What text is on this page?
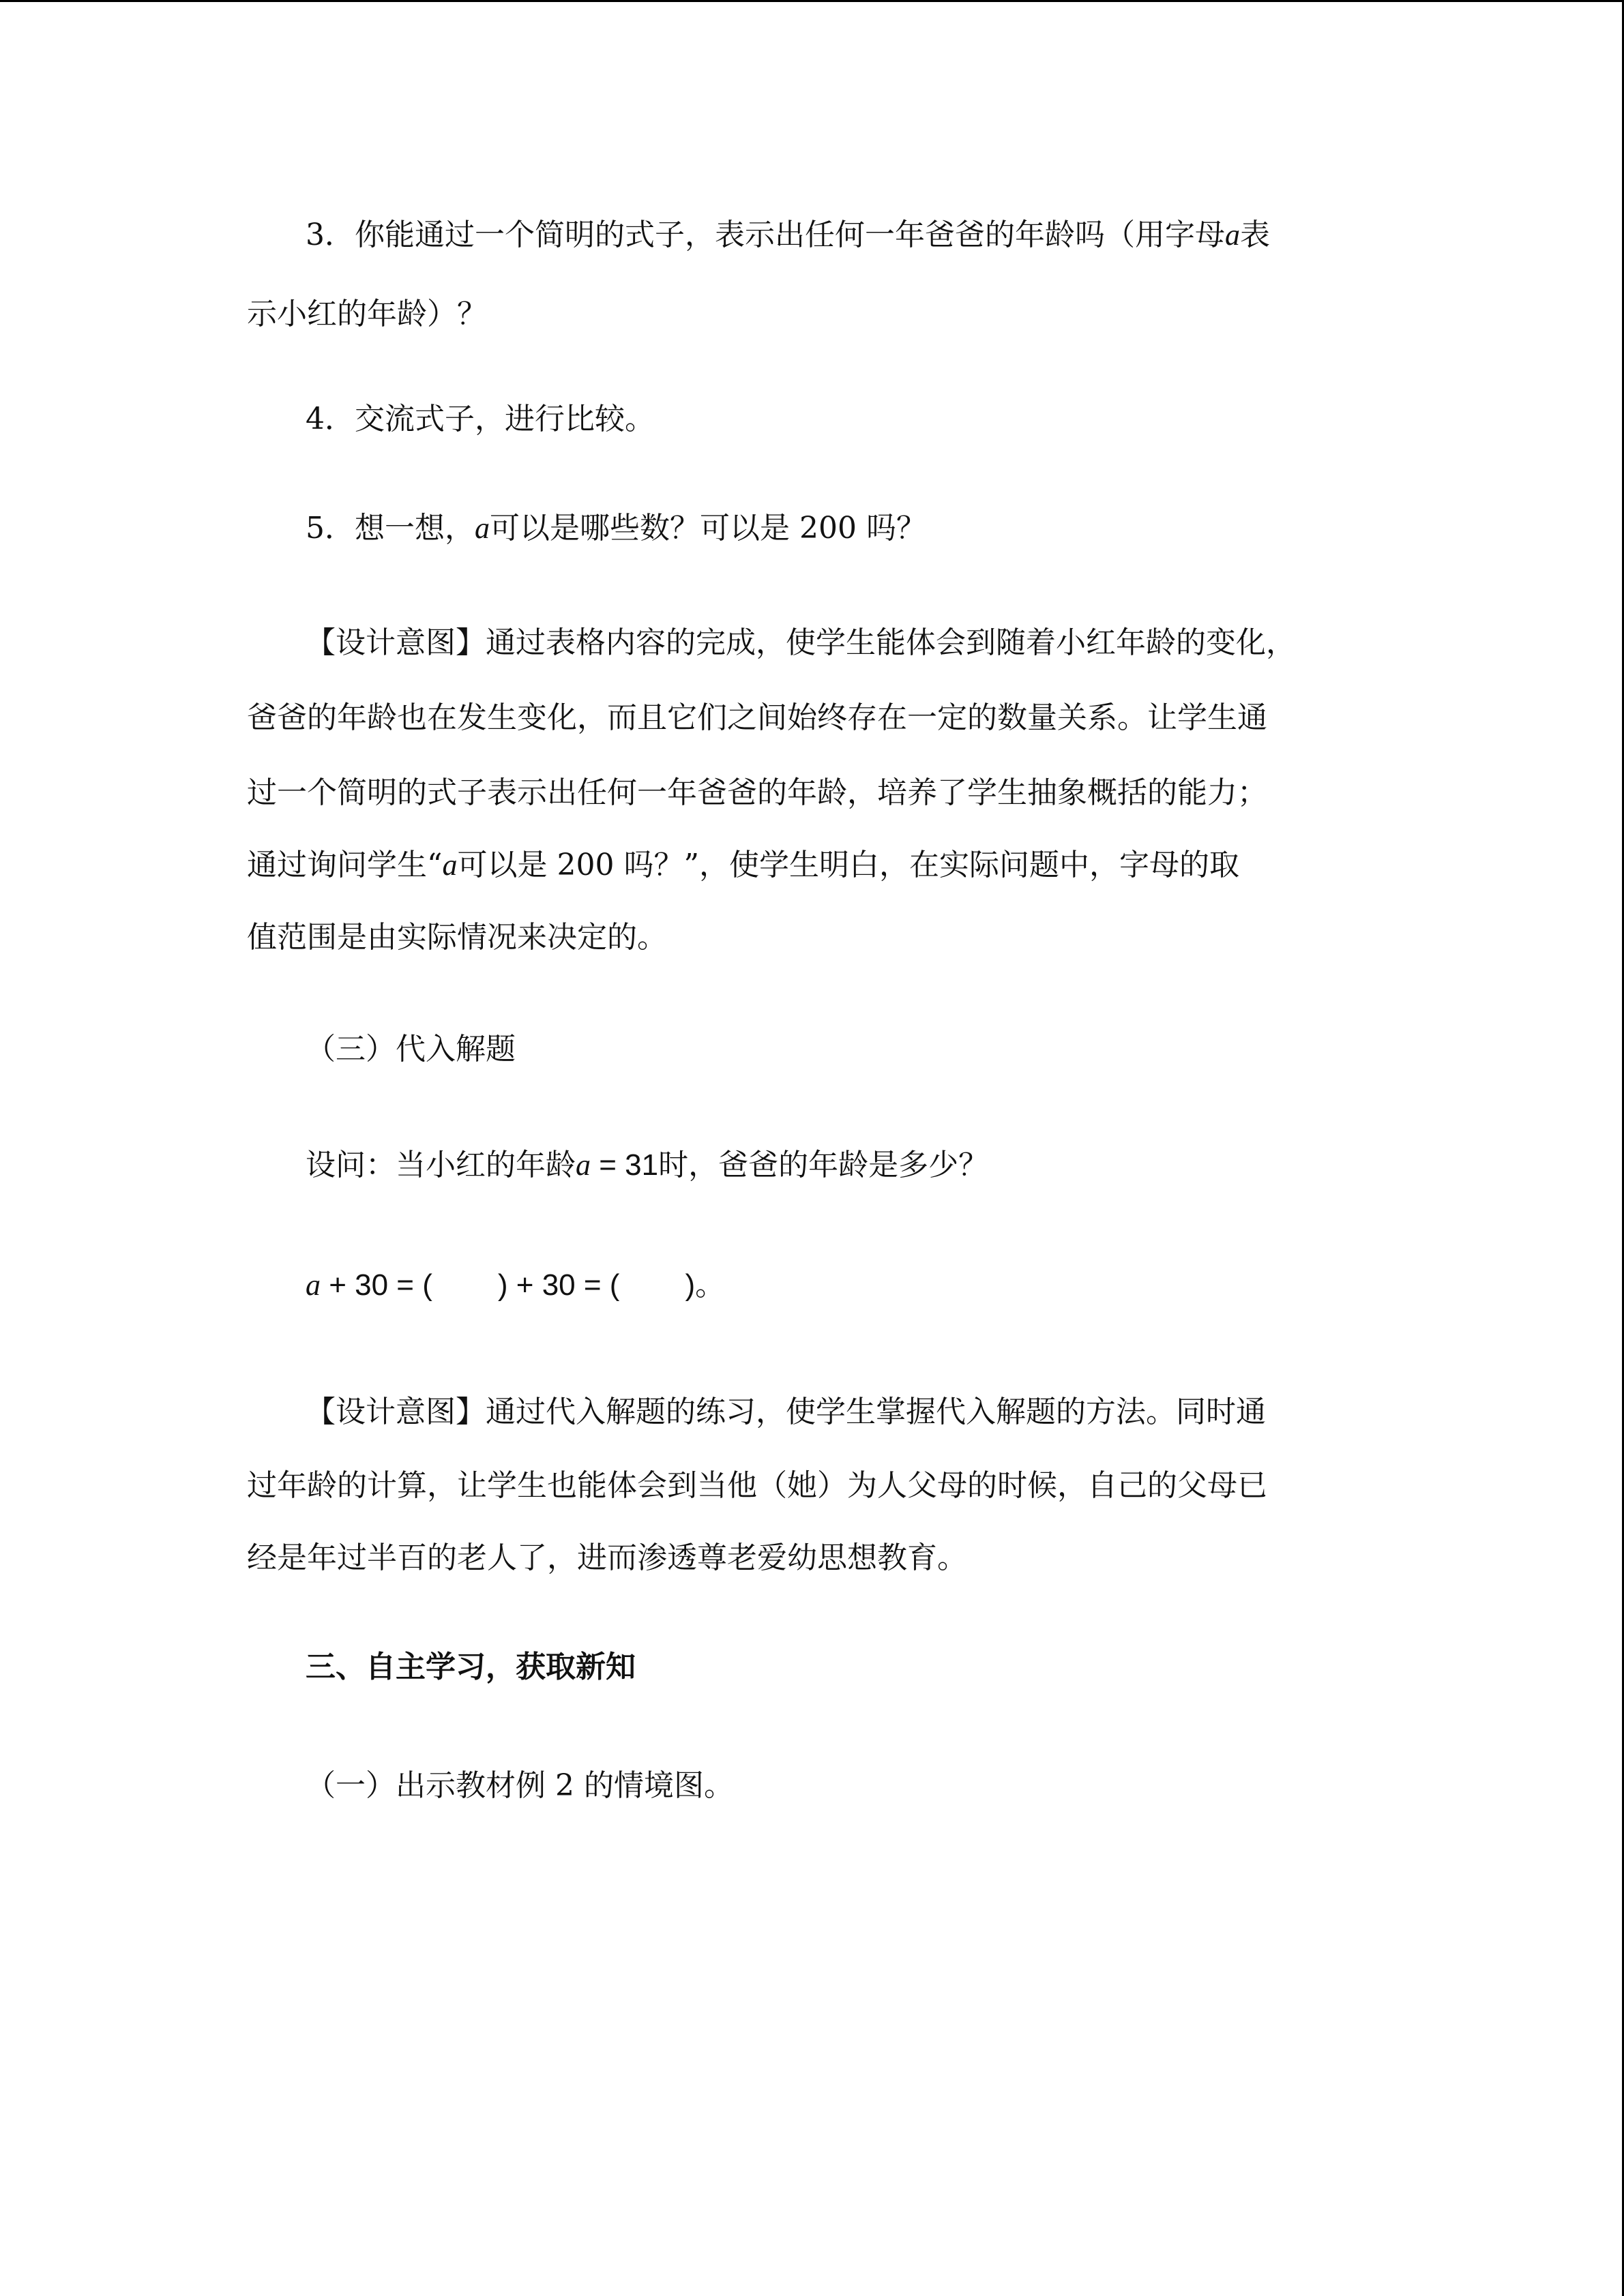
3．你能通过一个简明的式子，表示出任何一年爸爸的年龄吗（用字母a表
示小红的年龄）？
4．交流式子，进行比较。
5．想一想，a可以是哪些数？可以是 200 吗？
【设计意图】通过表格内容的完成，使学生能体会到随着小红年龄的变化，
爸爸的年龄也在发生变化，而且它们之间始终存在一定的数量关系。让学生通
过一个简明的式子表示出任何一年爸爸的年龄，培养了学生抽象概括的能力；
通过询问学生“a可以是 200 吗？”，使学生明白，在实际问题中，字母的取
值范围是由实际情况来决定的。
（三）代入解题
设问：当小红的年龄a = 31时，爸爸的年龄是多少？
a + 30 = ( ) + 30 = ( )。
【设计意图】通过代入解题的练习，使学生掌握代入解题的方法。同时通
过年龄的计算，让学生也能体会到当他（她）为人父母的时候，自己的父母已
经是年过半百的老人了，进而渗透尊老爱幼思想教育。
三、自主学习，获取新知
（一）出示教材例 2 的情境图。
